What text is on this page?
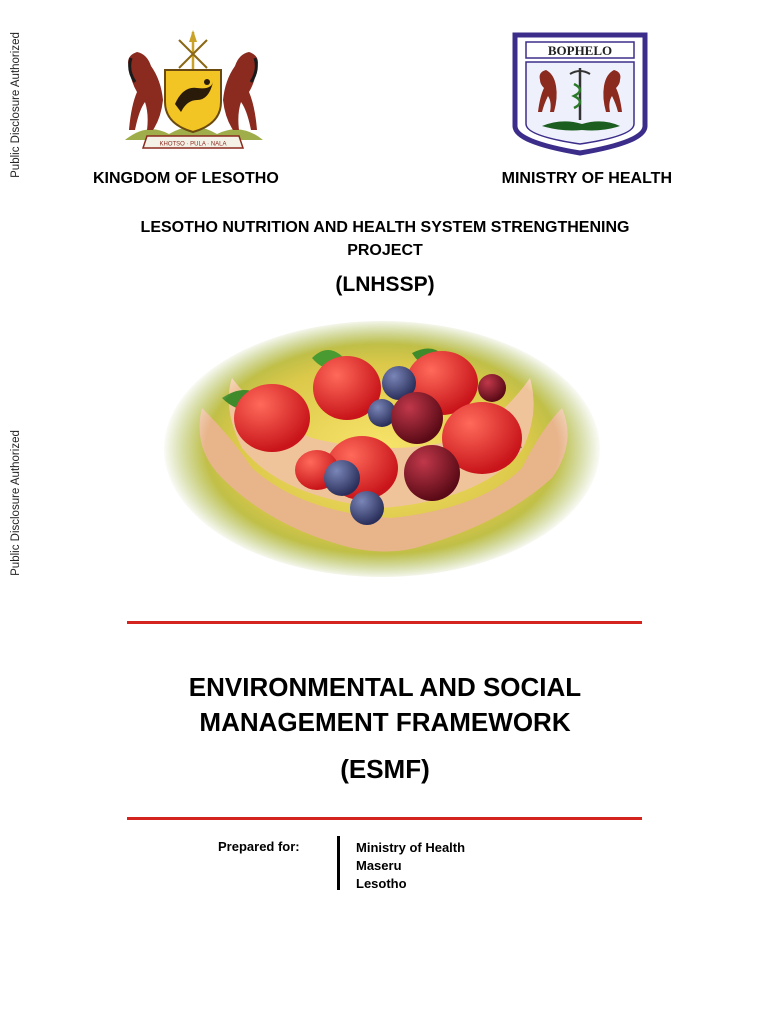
Public Disclosure Authorized
Public Disclosure Authorized
KHOTSO · PULA · NALA
BOPHELO
KINGDOM OF LESOTHO	MINISTRY OF HEALTH
LESOTHO NUTRITION AND HEALTH SYSTEM STRENGTHENING
PROJECT
(LNHSSP)
ENVIRONMENTAL AND SOCIAL
MANAGEMENT FRAMEWORK
(ESMF)
Prepared for:	Ministry of Health
Maseru
Lesotho
